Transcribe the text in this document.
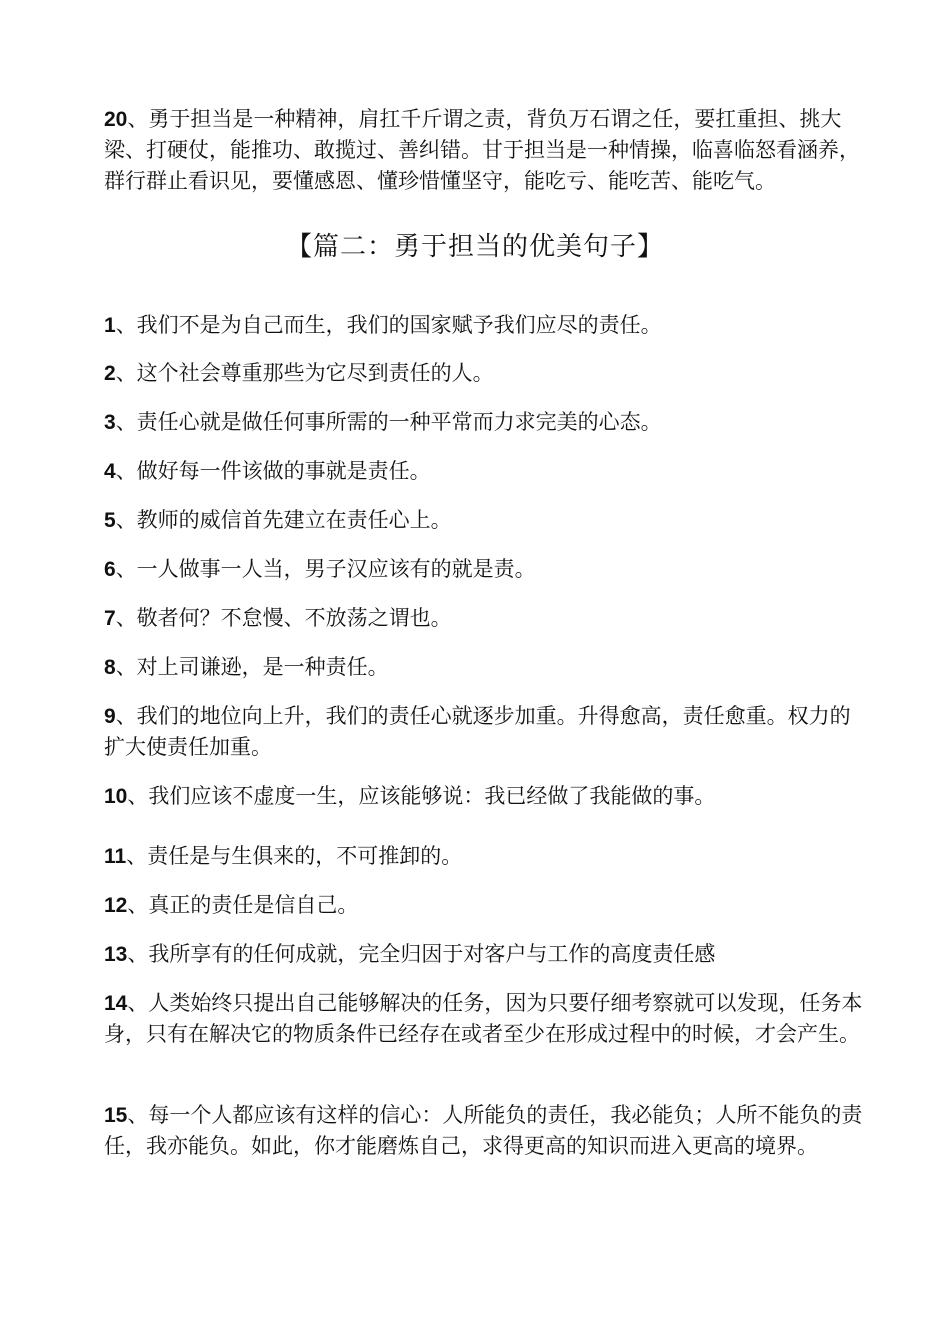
20、勇于担当是一种精神，肩扛千斤谓之责，背负万石谓之任，要扛重担、挑大梁、打硬仗，能推功、敢揽过、善纠错。甘于担当是一种情操，临喜临怒看涵养，群行群止看识见，要懂感恩、懂珍惜懂坚守，能吃亏、能吃苦、能吃气。

【篇二：勇于担当的优美句子】

1、我们不是为自己而生，我们的国家赋予我们应尽的责任。

2、这个社会尊重那些为它尽到责任的人。

3、责任心就是做任何事所需的一种平常而力求完美的心态。

4、做好每一件该做的事就是责任。

5、教师的威信首先建立在责任心上。

6、一人做事一人当，男子汉应该有的就是责。

7、敬者何？不怠慢、不放荡之谓也。

8、对上司谦逊，是一种责任。

9、我们的地位向上升，我们的责任心就逐步加重。升得愈高，责任愈重。权力的扩大使责任加重。

10、我们应该不虚度一生，应该能够说：我已经做了我能做的事。

11、责任是与生俱来的，不可推卸的。

12、真正的责任是信自己。

13、我所享有的任何成就，完全归因于对客户与工作的高度责任感

14、人类始终只提出自己能够解决的任务，因为只要仔细考察就可以发现，任务本身，只有在解决它的物质条件已经存在或者至少在形成过程中的时候，才会产生。

15、每一个人都应该有这样的信心：人所能负的责任，我必能负；人所不能负的责任，我亦能负。如此，你才能磨炼自己，求得更高的知识而进入更高的境界。
